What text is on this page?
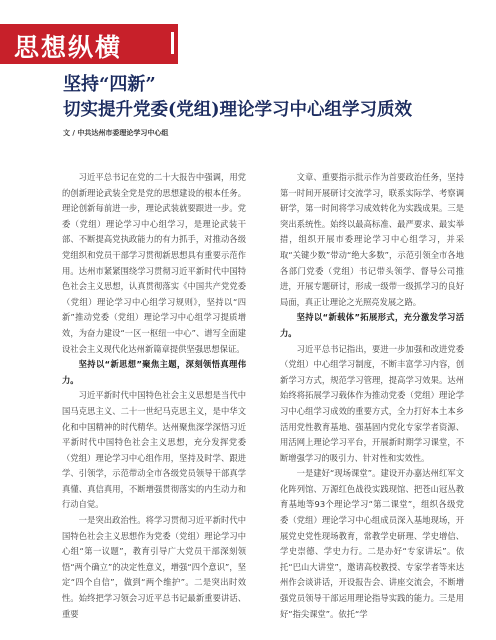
思想纵横
坚持“四新”
切实提升党委(党组)理论学习中心组学习质效
文 / 中共达州市委理论学习中心组

习近平总书记在党的二十大报告中强调，用党的创新理论武装全党是党的思想建设的根本任务。理论创新每前进一步，理论武装就要跟进一步。党委（党组）理论学习中心组学习，是理论武装干部、不断提高党执政能力的有力抓手，对推动各级党组织和党员干部学习贯彻新思想具有重要示范作用。达州市紧紧围绕学习贯彻习近平新时代中国特色社会主义思想，认真贯彻落实《中国共产党党委（党组）理论学习中心组学习规则》，坚持以“四新”推动党委（党组）理论学习中心组学习提质增效，为奋力建设“一区一枢纽一中心”、谱写全面建设社会主义现代化达州新篇章提供坚强思想保证。

坚持以“新思想”聚焦主题，深刻领悟真理伟力。

习近平新时代中国特色社会主义思想是当代中国马克思主义、二十一世纪马克思主义，是中华文化和中国精神的时代精华。达州聚焦深学深悟习近平新时代中国特色社会主义思想，充分发挥党委（党组）理论学习中心组作用，坚持及时学、跟进学、引领学，示范带动全市各级党员领导干部真学真懂、真信真用，不断增强贯彻落实的内生动力和行动自觉。

一是突出政治性。将学习贯彻习近平新时代中国特色社会主义思想作为党委（党组）理论学习中心组“第一议题”，教育引导广大党员干部深刻领悟“两个确立”的决定性意义，增强“四个意识”，坚定“四个自信”，做到“两个维护”。二是突出时效性。始终把学习领会习近平总书记最新重要讲话、重要

文章、重要指示批示作为首要政治任务，坚持第一时间开展研讨交流学习，联系实际学、考察调研学，第一时间将学习成效转化为实践成果。三是突出系统性。始终以最高标准、最严要求、最实举措，组织开展市委理论学习中心组学习，并采取“关键少数”带动“绝大多数”，示范引领全市各地各部门党委（党组）书记带头领学、督导公司推进，开展专题研讨，形成一级带一级抓学习的良好局面，真正让理论之光照亮发展之路。

坚持以“新载体”拓展形式，充分激发学习活力。

习近平总书记指出，要进一步加强和改进党委（党组）中心组学习制度，不断丰富学习内容，创新学习方式，规范学习管理，提高学习效果。达州始终将拓展学习载体作为推动党委（党组）理论学习中心组学习成效的重要方式，全力打好本土本乡活用党性教育基地、强基固内党化专家学者资源、用活网上理论学习平台，开展新时期学习课堂，不断增强学习的吸引力、针对性和实效性。

一是建好“现场课堂”。建设开办嘉达州红军文化阵列馆、万源红色战役实践现馆、把苍山冠丛教育基地等93个理论学习“第二课堂”，组织各级党委（党组）理论学习中心组成员深入基地现场，开展党史党性现场教育，常教学史研理、学史增信、学史崇德、学史力行。二是办好“专家讲坛”。依托“巴山大讲堂”，邀请高校教授、专家学者等来达州作会谈讲话，开设报告会、讲座交流会，不断增强党员领导干部运用理论指导实践的能力。三是用好“指尖课堂”。依托“学
